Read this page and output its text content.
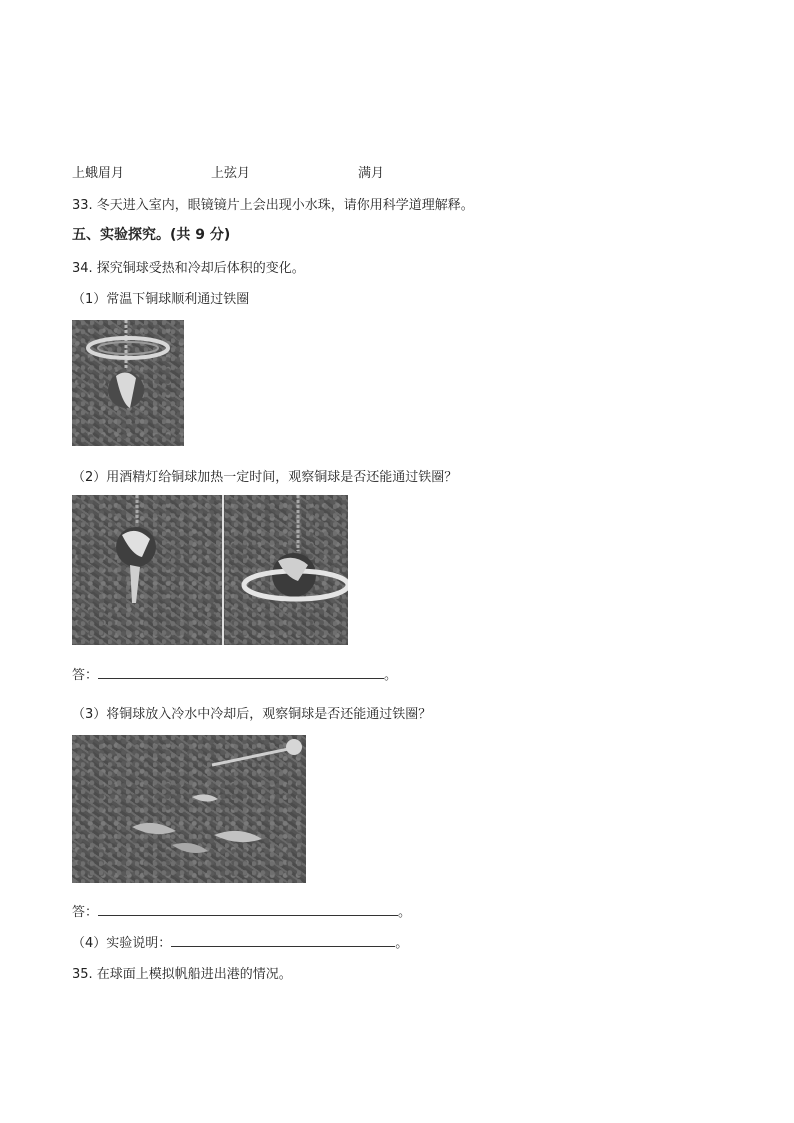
上蛾眉月	上弦月	满月
33. 冬天进入室内，眼镜镜片上会出现小水珠，请你用科学道理解释。
五、实验探究。(共 9 分)
34. 探究铜球受热和冷却后体积的变化。
（1）常温下铜球顺利通过铁圈
（2）用酒精灯给铜球加热一定时间，观察铜球是否还能通过铁圈？
答：	。
（3）将铜球放入冷水中冷却后，观察铜球是否还能通过铁圈？
答：	。
（4）实验说明：	。
35. 在球面上模拟帆船进出港的情况。
